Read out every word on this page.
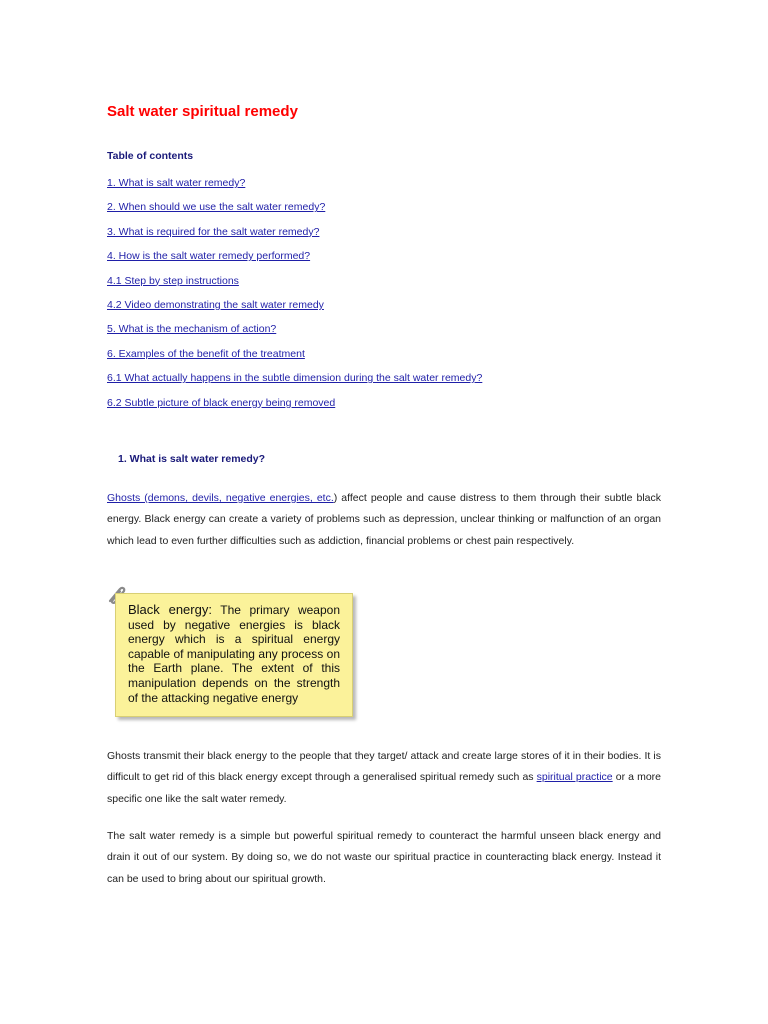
Salt water spiritual remedy
Table of contents
1. What is salt water remedy?
2. When should we use the salt water remedy?
3. What is required for the salt water remedy?
4. How is the salt water remedy performed?
4.1 Step by step instructions
4.2 Video demonstrating the salt water remedy
5. What is the mechanism of action?
6. Examples of the benefit of the treatment
6.1 What actually happens in the subtle dimension during the salt water remedy?
6.2 Subtle picture of black energy being removed
1. What is salt water remedy?

Ghosts (demons, devils, negative energies, etc.) affect people and cause distress to them through their subtle black energy. Black energy can create a variety of problems such as depression, unclear thinking or malfunction of an organ which lead to even further difficulties such as addiction, financial problems or chest pain respectively.

Black energy: The primary weapon used by negative energies is black energy which is a spiritual energy capable of manipulating any process on the Earth plane. The extent of this manipulation depends on the strength of the attacking negative energy

Ghosts transmit their black energy to the people that they target/ attack and create large stores of it in their bodies. It is difficult to get rid of this black energy except through a generalised spiritual remedy such as spiritual practice or a more specific one like the salt water remedy.

The salt water remedy is a simple but powerful spiritual remedy to counteract the harmful unseen black energy and drain it out of our system. By doing so, we do not waste our spiritual practice in counteracting black energy. Instead it can be used to bring about our spiritual growth.
